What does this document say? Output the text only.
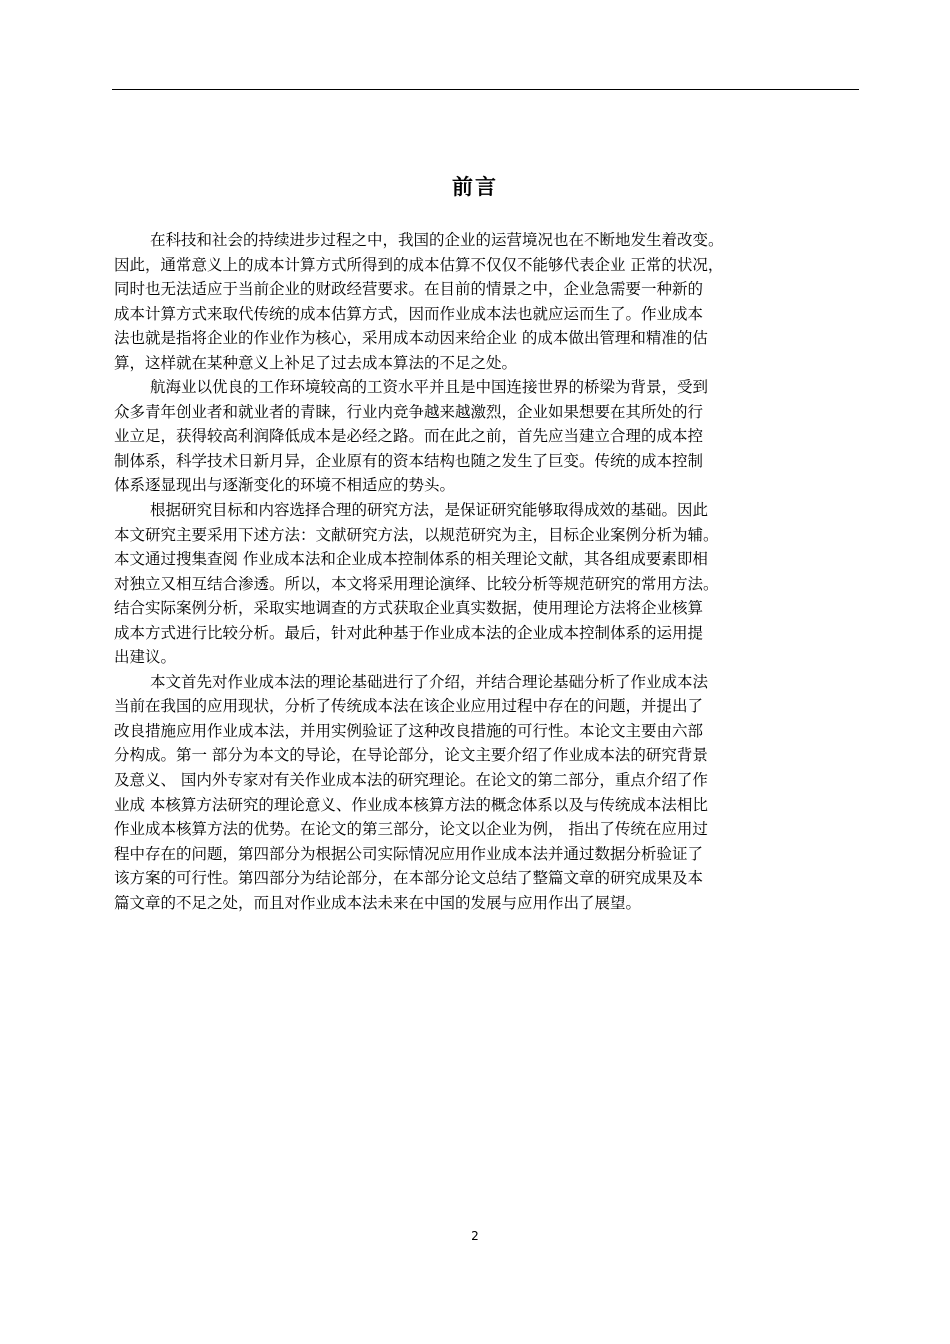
前言
在科技和社会的持续进步过程之中，我国的企业的运营境况也在不断地发生着改变。
因此，通常意义上的成本计算方式所得到的成本估算不仅仅不能够代表企业 正常的状况，
同时也无法适应于当前企业的财政经营要求。在目前的情景之中，企业急需要一种新的
成本计算方式来取代传统的成本估算方式，因而作业成本法也就应运而生了。作业成本
法也就是指将企业的作业作为核心，采用成本动因来给企业 的成本做出管理和精准的估
算，这样就在某种意义上补足了过去成本算法的不足之处。
航海业以优良的工作环境较高的工资水平并且是中国连接世界的桥梁为背景，受到
众多青年创业者和就业者的青睐，行业内竞争越来越激烈，企业如果想要在其所处的行
业立足，获得较高利润降低成本是必经之路。而在此之前，首先应当建立合理的成本控
制体系，科学技术日新月异，企业原有的资本结构也随之发生了巨变。传统的成本控制
体系逐显现出与逐渐变化的环境不相适应的势头。
根据研究目标和内容选择合理的研究方法，是保证研究能够取得成效的基础。因此
本文研究主要采用下述方法：文献研究方法，以规范研究为主，目标企业案例分析为辅。
本文通过搜集查阅 作业成本法和企业成本控制体系的相关理论文献，其各组成要素即相
对独立又相互结合渗透。所以，本文将采用理论演绎、比较分析等规范研究的常用方法。
结合实际案例分析，采取实地调查的方式获取企业真实数据，使用理论方法将企业核算
成本方式进行比较分析。最后，针对此种基于作业成本法的企业成本控制体系的运用提
出建议。
本文首先对作业成本法的理论基础进行了介绍，并结合理论基础分析了作业成本法
当前在我国的应用现状，分析了传统成本法在该企业应用过程中存在的问题，并提出了
改良措施应用作业成本法，并用实例验证了这种改良措施的可行性。本论文主要由六部
分构成。第一 部分为本文的导论，在导论部分，论文主要介绍了作业成本法的研究背景
及意义、 国内外专家对有关作业成本法的研究理论。在论文的第二部分，重点介绍了作
业成 本核算方法研究的理论意义、作业成本核算方法的概念体系以及与传统成本法相比
作业成本核算方法的优势。在论文的第三部分，论文以企业为例， 指出了传统在应用过
程中存在的问题，第四部分为根据公司实际情况应用作业成本法并通过数据分析验证了
该方案的可行性。第四部分为结论部分，在本部分论文总结了整篇文章的研究成果及本
篇文章的不足之处，而且对作业成本法未来在中国的发展与应用作出了展望。
2
